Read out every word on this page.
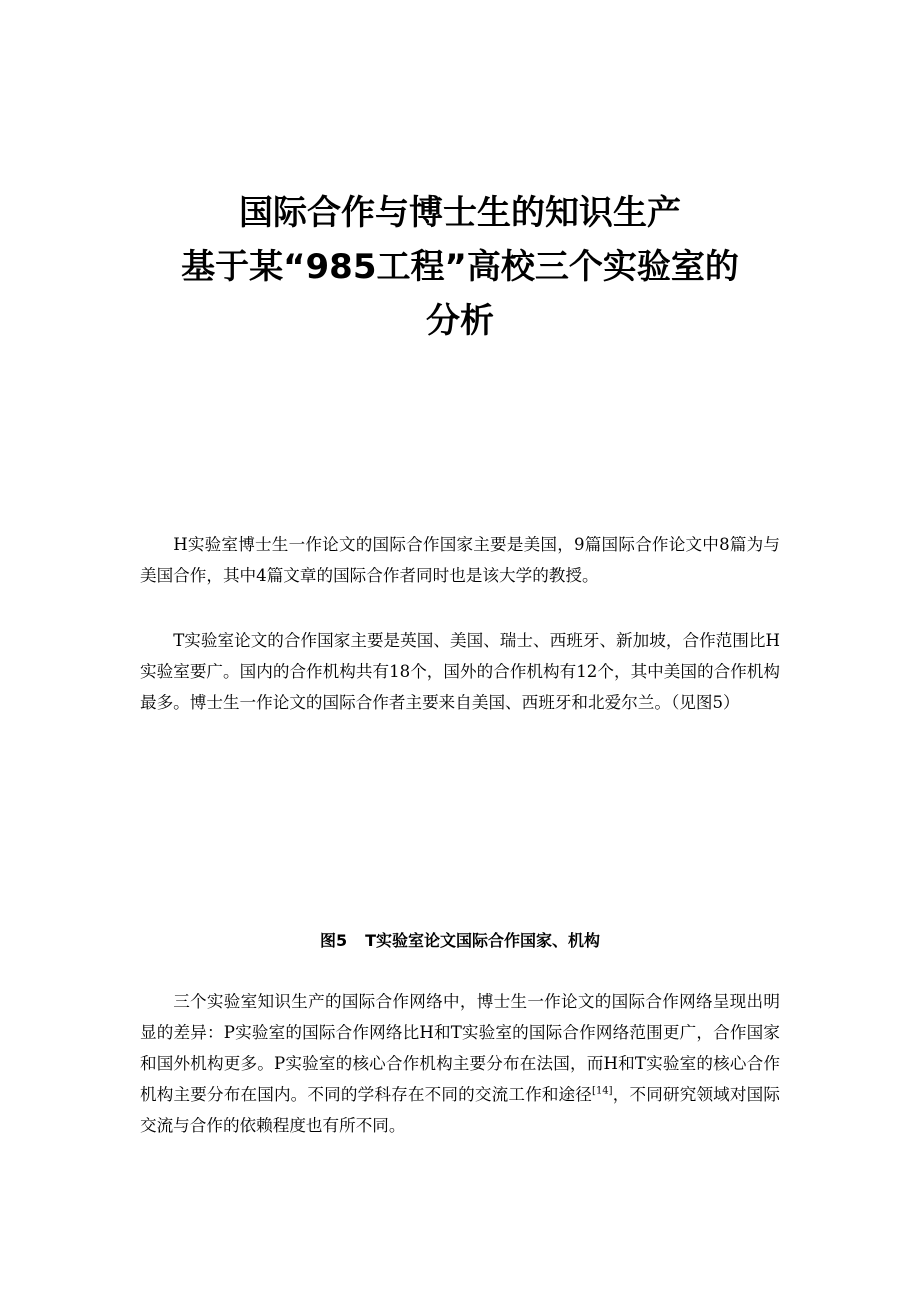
国际合作与博士生的知识生产

基于某“985工程”高校三个实验室的

分析

H实验室博士生一作论文的国际合作国家主要是美国，9篇国际合作论文中8篇为与美国合作，其中4篇文章的国际合作者同时也是该大学的教授。

T实验室论文的合作国家主要是英国、美国、瑞士、西班牙、新加坡，合作范围比H实验室要广。国内的合作机构共有18个，国外的合作机构有12个，其中美国的合作机构最多。博士生一作论文的国际合作者主要来自美国、西班牙和北爱尔兰。（见图5）

图5 T实验室论文国际合作国家、机构

三个实验室知识生产的国际合作网络中，博士生一作论文的国际合作网络呈现出明显的差异：P实验室的国际合作网络比H和T实验室的国际合作网络范围更广，合作国家和国外机构更多。P实验室的核心合作机构主要分布在法国，而H和T实验室的核心合作机构主要分布在国内。不同的学科存在不同的交流工作和途径[14]，不同研究领域对国际交流与合作的依赖程度也有所不同。
